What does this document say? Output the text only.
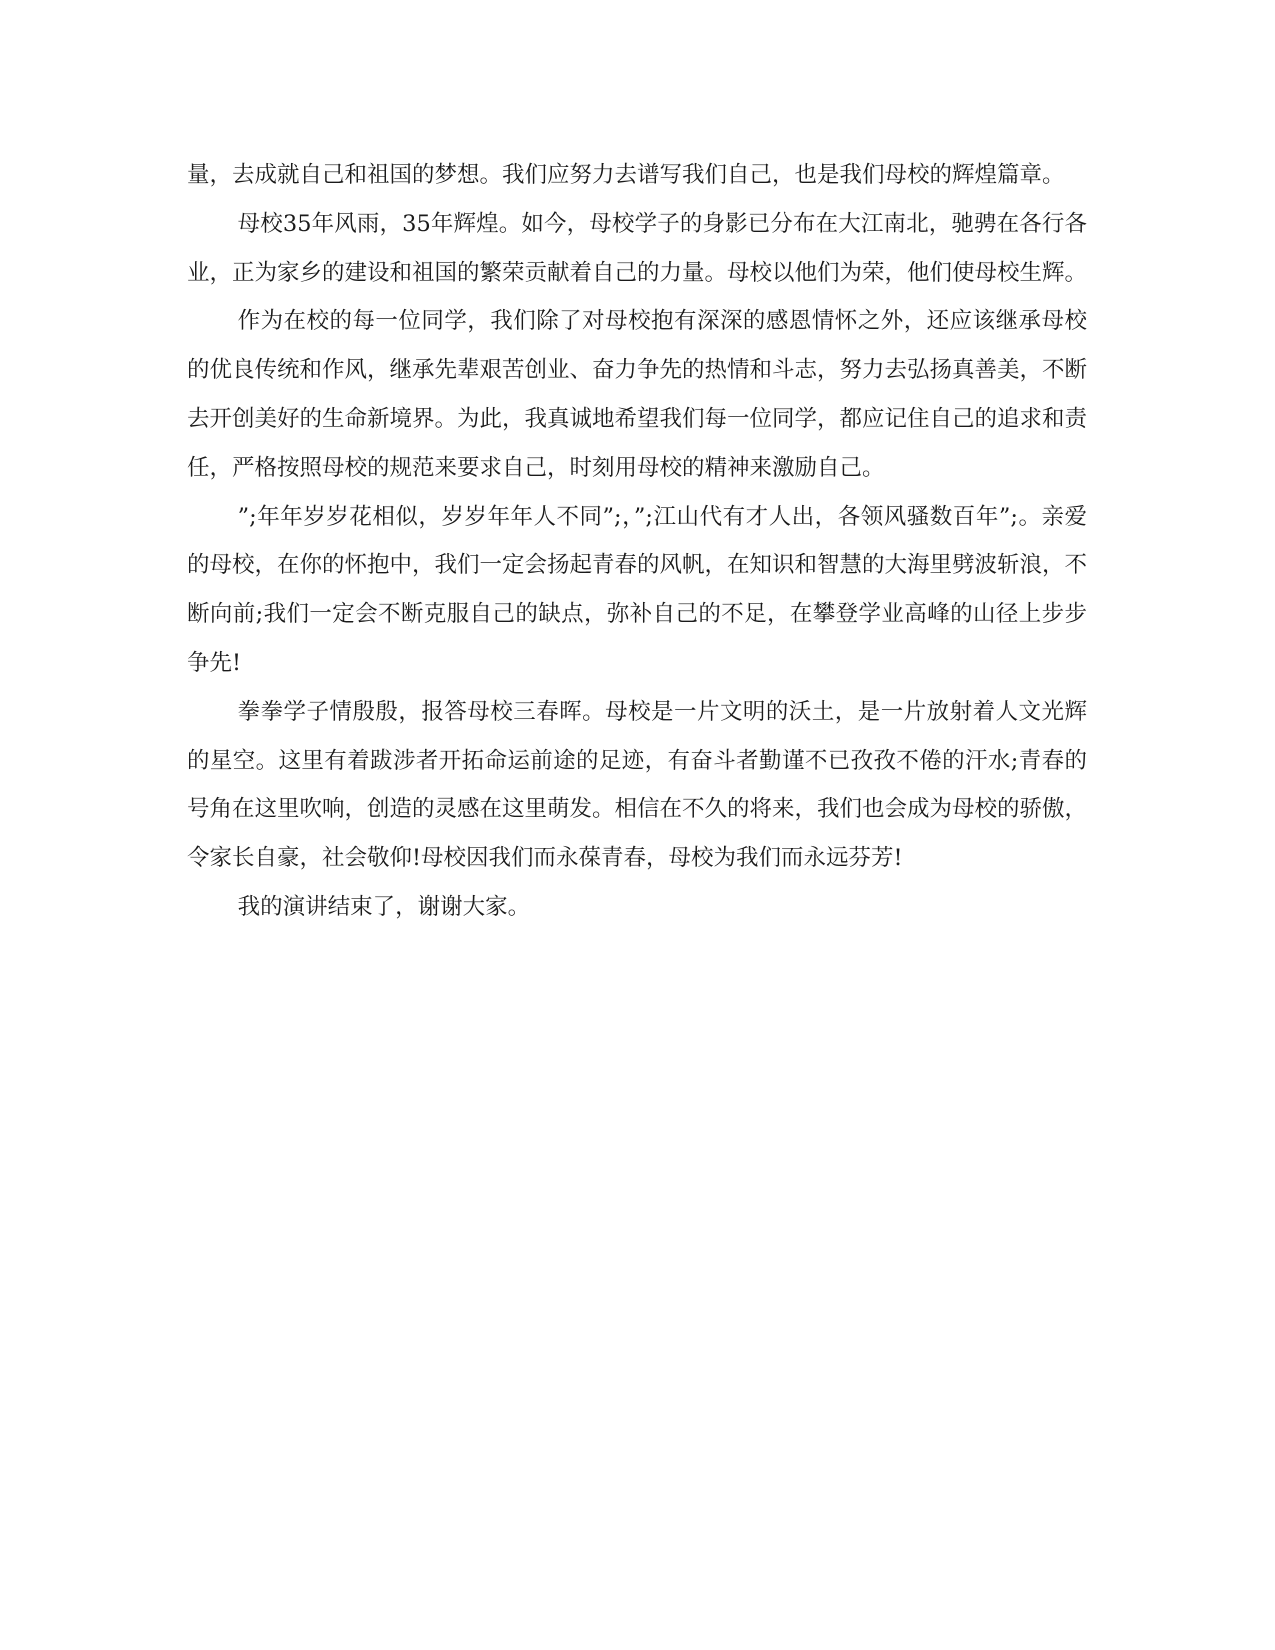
量，去成就自己和祖国的梦想。我们应努力去谱写我们自己，也是我们母校的辉煌篇章。

母校35年风雨，35年辉煌。如今，母校学子的身影已分布在大江南北，驰骋在各行各业，正为家乡的建设和祖国的繁荣贡献着自己的力量。母校以他们为荣，他们使母校生辉。

作为在校的每一位同学，我们除了对母校抱有深深的感恩情怀之外，还应该继承母校的优良传统和作风，继承先辈艰苦创业、奋力争先的热情和斗志，努力去弘扬真善美，不断去开创美好的生命新境界。为此，我真诚地希望我们每一位同学，都应记住自己的追求和责任，严格按照母校的规范来要求自己，时刻用母校的精神来激励自己。

”;年年岁岁花相似，岁岁年年人不同”;，”;江山代有才人出，各领风骚数百年”;。亲爱的母校，在你的怀抱中，我们一定会扬起青春的风帆，在知识和智慧的大海里劈波斩浪，不断向前;我们一定会不断克服自己的缺点，弥补自己的不足，在攀登学业高峰的山径上步步争先!

拳拳学子情殷殷，报答母校三春晖。母校是一片文明的沃土，是一片放射着人文光辉的星空。这里有着跋涉者开拓命运前途的足迹，有奋斗者勤谨不已孜孜不倦的汗水;青春的号角在这里吹响，创造的灵感在这里萌发。相信在不久的将来，我们也会成为母校的骄傲，令家长自豪，社会敬仰!母校因我们而永葆青春，母校为我们而永远芬芳!

我的演讲结束了，谢谢大家。
